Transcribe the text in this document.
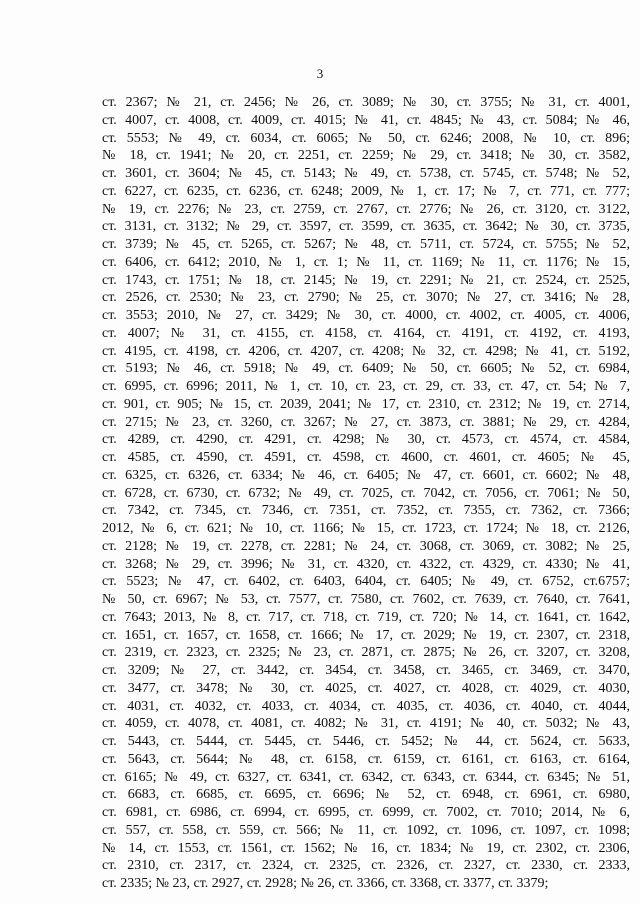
3
ст. 2367; № 21, ст. 2456; № 26, ст. 3089; № 30, ст. 3755; № 31, ст. 4001,
ст. 4007, ст. 4008, ст. 4009, ст. 4015; № 41, ст. 4845; № 43, ст. 5084; № 46,
ст. 5553; № 49, ст. 6034, ст. 6065; № 50, ст. 6246; 2008, № 10, ст. 896;
№ 18, ст. 1941; № 20, ст. 2251, ст. 2259; № 29, ст. 3418; № 30, ст. 3582,
ст. 3601, ст. 3604; № 45, ст. 5143; № 49, ст. 5738, ст. 5745, ст. 5748; № 52,
ст. 6227, ст. 6235, ст. 6236, ст. 6248; 2009, № 1, ст. 17; № 7, ст. 771, ст. 777;
№ 19, ст. 2276; № 23, ст. 2759, ст. 2767, ст. 2776; № 26, ст. 3120, ст. 3122,
ст. 3131, ст. 3132; № 29, ст. 3597, ст. 3599, ст. 3635, ст. 3642; № 30, ст. 3735,
ст. 3739; № 45, ст. 5265, ст. 5267; № 48, ст. 5711, ст. 5724, ст. 5755; № 52,
ст. 6406, ст. 6412; 2010, № 1, ст. 1; № 11, ст. 1169; № 11, ст. 1176; № 15,
ст. 1743, ст. 1751; № 18, ст. 2145; № 19, ст. 2291; № 21, ст. 2524, ст. 2525,
ст. 2526, ст. 2530; № 23, ст. 2790; № 25, ст. 3070; № 27, ст. 3416; № 28,
ст. 3553; 2010, № 27, ст. 3429; № 30, ст. 4000, ст. 4002, ст. 4005, ст. 4006,
ст. 4007; № 31, ст. 4155, ст. 4158, ст. 4164, ст. 4191, ст. 4192, ст. 4193,
ст. 4195, ст. 4198, ст. 4206, ст. 4207, ст. 4208; № 32, ст. 4298; № 41, ст. 5192,
ст. 5193; № 46, ст. 5918; № 49, ст. 6409; № 50, ст. 6605; № 52, ст. 6984,
ст. 6995, ст. 6996; 2011, № 1, ст. 10, ст. 23, ст. 29, ст. 33, ст. 47, ст. 54; № 7,
ст. 901, ст. 905; № 15, ст. 2039, 2041; № 17, ст. 2310, ст. 2312; № 19, ст. 2714,
ст. 2715; № 23, ст. 3260, ст. 3267; № 27, ст. 3873, ст. 3881; № 29, ст. 4284,
ст. 4289, ст. 4290, ст. 4291, ст. 4298; № 30, ст. 4573, ст. 4574, ст. 4584,
ст. 4585, ст. 4590, ст. 4591, ст. 4598, ст. 4600, ст. 4601, ст. 4605; № 45,
ст. 6325, ст. 6326, ст. 6334; № 46, ст. 6405; № 47, ст. 6601, ст. 6602; № 48,
ст. 6728, ст. 6730, ст. 6732; № 49, ст. 7025, ст. 7042, ст. 7056, ст. 7061; № 50,
ст. 7342, ст. 7345, ст. 7346, ст. 7351, ст. 7352, ст. 7355, ст. 7362, ст. 7366;
2012, № 6, ст. 621; № 10, ст. 1166; № 15, ст. 1723, ст. 1724; № 18, ст. 2126,
ст. 2128; № 19, ст. 2278, ст. 2281; № 24, ст. 3068, ст. 3069, ст. 3082; № 25,
ст. 3268; № 29, ст. 3996; № 31, ст. 4320, ст. 4322, ст. 4329, ст. 4330; № 41,
ст. 5523; № 47, ст. 6402, ст. 6403, 6404, ст. 6405; № 49, ст. 6752, ст.6757;
№ 50, ст. 6967; № 53, ст. 7577, ст. 7580, ст. 7602, ст. 7639, ст. 7640, ст. 7641,
ст. 7643; 2013, № 8, ст. 717, ст. 718, ст. 719, ст. 720; № 14, ст. 1641, ст. 1642,
ст. 1651, ст. 1657, ст. 1658, ст. 1666; № 17, ст. 2029; № 19, ст. 2307, ст. 2318,
ст. 2319, ст. 2323, ст. 2325; № 23, ст. 2871, ст. 2875; № 26, ст. 3207, ст. 3208,
ст. 3209; № 27, ст. 3442, ст. 3454, ст. 3458, ст. 3465, ст. 3469, ст. 3470,
ст. 3477, ст. 3478; № 30, ст. 4025, ст. 4027, ст. 4028, ст. 4029, ст. 4030,
ст. 4031, ст. 4032, ст. 4033, ст. 4034, ст. 4035, ст. 4036, ст. 4040, ст. 4044,
ст. 4059, ст. 4078, ст. 4081, ст. 4082; № 31, ст. 4191; № 40, ст. 5032; № 43,
ст. 5443, ст. 5444, ст. 5445, ст. 5446, ст. 5452; № 44, ст. 5624, ст. 5633,
ст. 5643, ст. 5644; № 48, ст. 6158, ст. 6159, ст. 6161, ст. 6163, ст. 6164,
ст. 6165; № 49, ст. 6327, ст. 6341, ст. 6342, ст. 6343, ст. 6344, ст. 6345; № 51,
ст. 6683, ст. 6685, ст. 6695, ст. 6696; № 52, ст. 6948, ст. 6961, ст. 6980,
ст. 6981, ст. 6986, ст. 6994, ст. 6995, ст. 6999, ст. 7002, ст. 7010; 2014, № 6,
ст. 557, ст. 558, ст. 559, ст. 566; № 11, ст. 1092, ст. 1096, ст. 1097, ст. 1098;
№ 14, ст. 1553, ст. 1561, ст. 1562; № 16, ст. 1834; № 19, ст. 2302, ст. 2306,
ст. 2310, ст. 2317, ст. 2324, ст. 2325, ст. 2326, ст. 2327, ст. 2330, ст. 2333,
ст. 2335; № 23, ст. 2927, ст. 2928; № 26, ст. 3366, ст. 3368, ст. 3377, ст. 3379;
